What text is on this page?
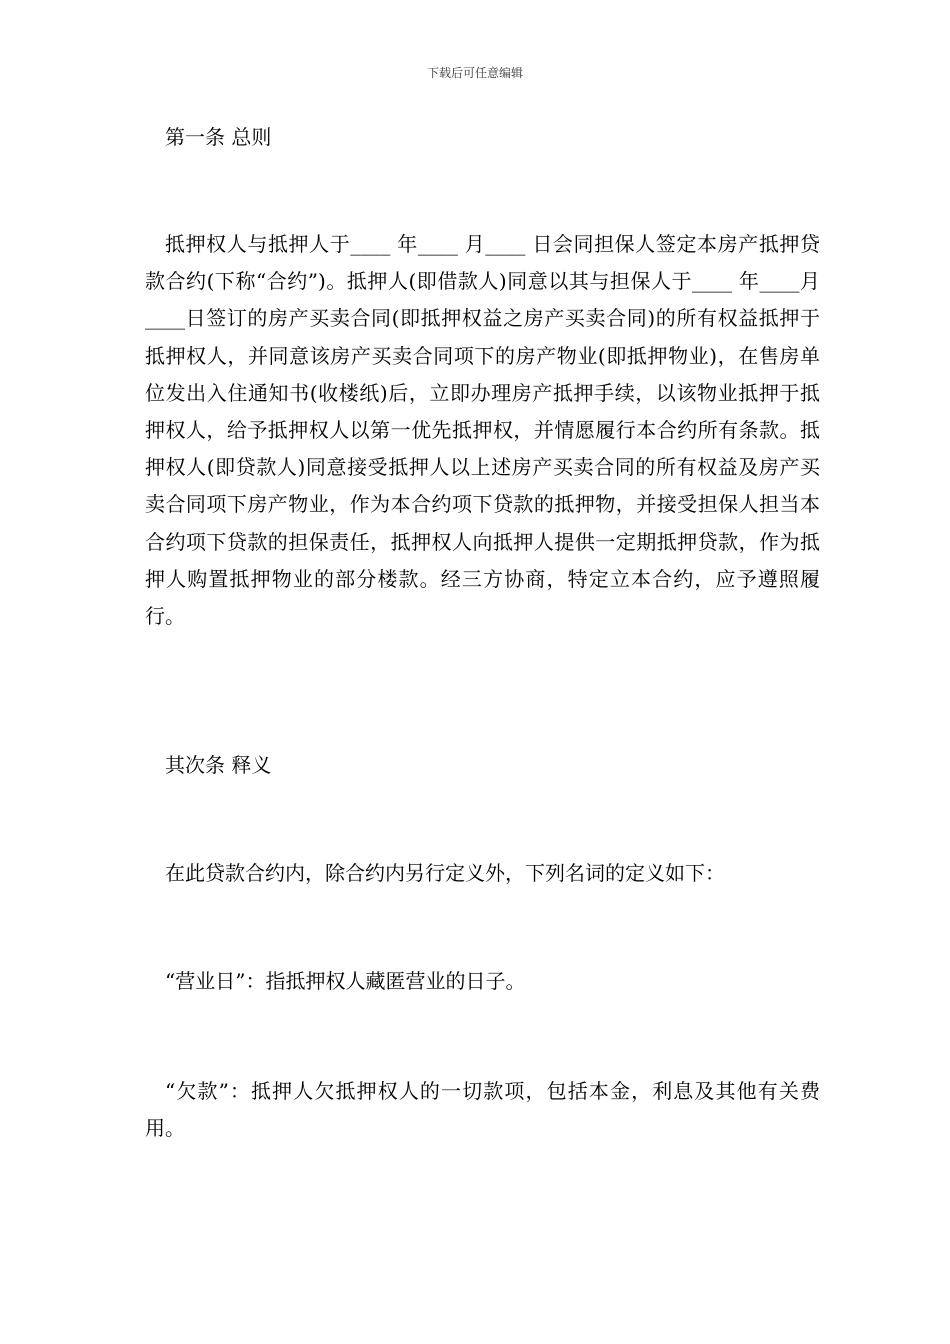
下载后可任意编辑
第一条 总则
抵押权人与抵押人于____ 年____ 月____ 日会同担保人签定本房产抵押贷款合约(下称“合约”)。抵押人(即借款人)同意以其与担保人于____ 年____月____日签订的房产买卖合同(即抵押权益之房产买卖合同)的所有权益抵押于抵押权人，并同意该房产买卖合同项下的房产物业(即抵押物业)，在售房单位发出入住通知书(收楼纸)后，立即办理房产抵押手续，以该物业抵押于抵押权人，给予抵押权人以第一优先抵押权，并情愿履行本合约所有条款。抵押权人(即贷款人)同意接受抵押人以上述房产买卖合同的所有权益及房产买卖合同项下房产物业，作为本合约项下贷款的抵押物，并接受担保人担当本合约项下贷款的担保责任，抵押权人向抵押人提供一定期抵押贷款，作为抵押人购置抵押物业的部分楼款。经三方协商，特定立本合约，应予遵照履行。
其次条 释义
在此贷款合约内，除合约内另行定义外，下列名词的定义如下：
“营业日”：指抵押权人藏匿营业的日子。
“欠款”：抵押人欠抵押权人的一切款项，包括本金，利息及其他有关费用。
